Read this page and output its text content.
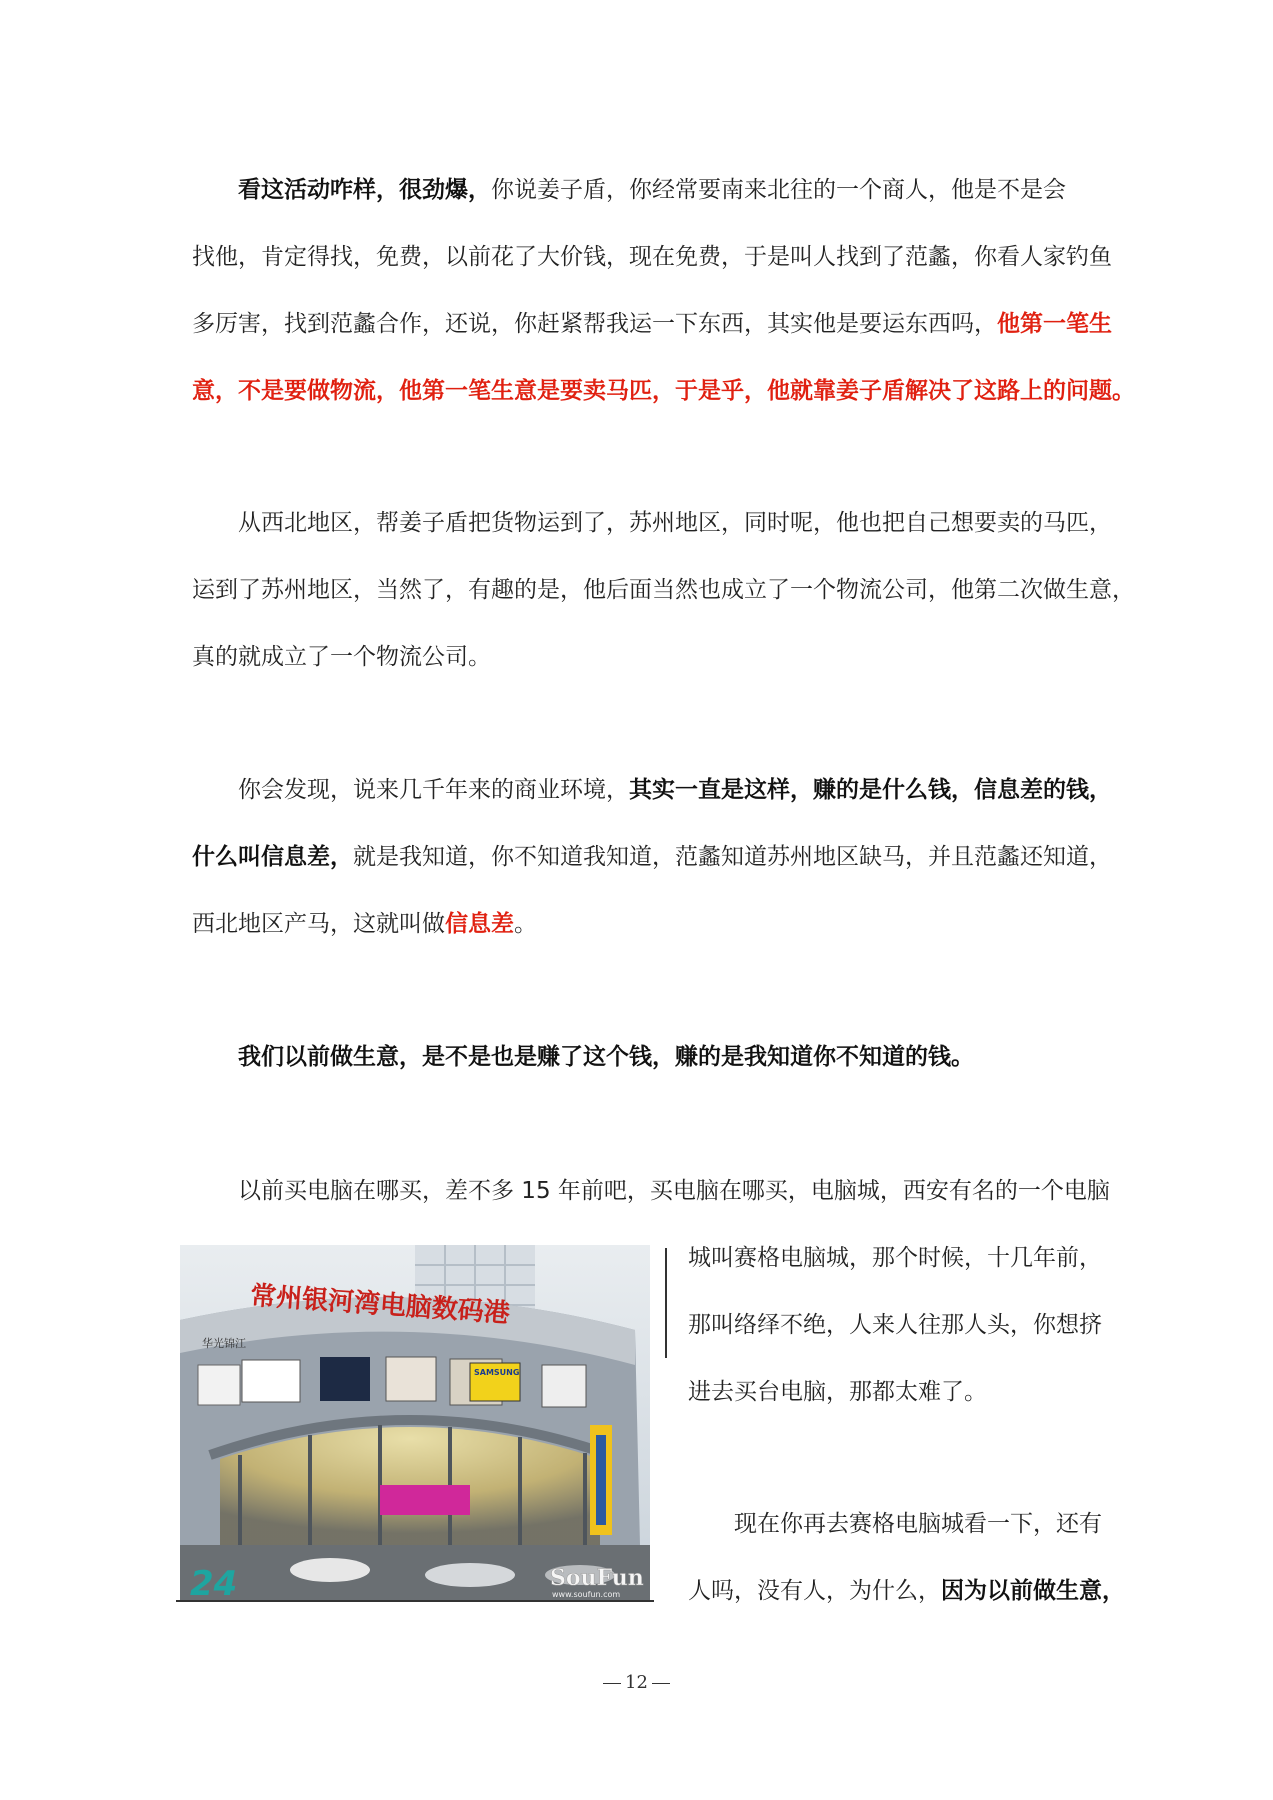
看这活动咋样，很劲爆，你说姜子盾，你经常要南来北往的一个商人，他是不是会
找他，肯定得找，免费，以前花了大价钱，现在免费，于是叫人找到了范蠡，你看人家钓鱼
多厉害，找到范蠡合作，还说，你赶紧帮我运一下东西，其实他是要运东西吗，他第一笔生
意，不是要做物流，他第一笔生意是要卖马匹，于是乎，他就靠姜子盾解决了这路上的问题。
从西北地区，帮姜子盾把货物运到了，苏州地区，同时呢，他也把自己想要卖的马匹，
运到了苏州地区，当然了，有趣的是，他后面当然也成立了一个物流公司，他第二次做生意，
真的就成立了一个物流公司。
你会发现，说来几千年来的商业环境，其实一直是这样，赚的是什么钱，信息差的钱，
什么叫信息差，就是我知道，你不知道我知道，范蠡知道苏州地区缺马，并且范蠡还知道，
西北地区产马，这就叫做信息差。
我们以前做生意，是不是也是赚了这个钱，赚的是我知道你不知道的钱。
以前买电脑在哪买，差不多 15 年前吧，买电脑在哪买，电脑城，西安有名的一个电脑
城叫赛格电脑城，那个时候，十几年前，
那叫络绎不绝，人来人往那人头，你想挤
进去买台电脑，那都太难了。
现在你再去赛格电脑城看一下，还有
人吗，没有人，为什么，因为以前做生意，
常州银河湾电脑数码港
华光锦江
SAMSUNG
24	SouFun
www.soufun.com
12
